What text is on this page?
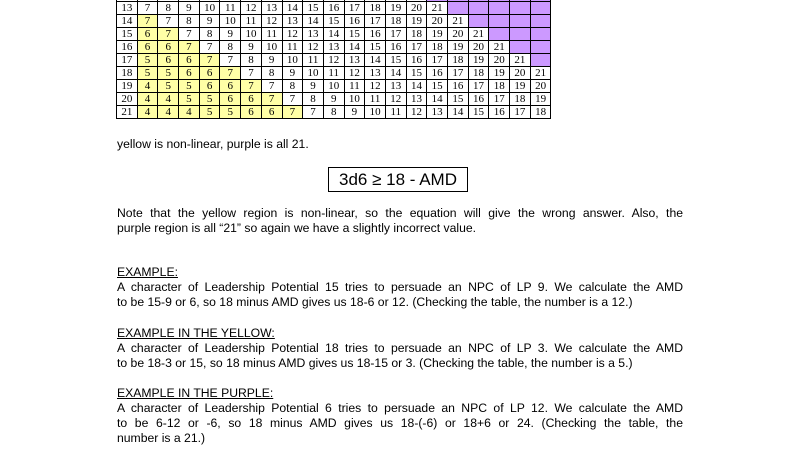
13	7	8	9	10	11	12	13	14	15	16	17	18	19	20	21					
14	7	7	8	9	10	11	12	13	14	15	16	17	18	19	20	21				
15	6	7	7	8	9	10	11	12	13	14	15	16	17	18	19	20	21			
16	6	6	7	7	8	9	10	11	12	13	14	15	16	17	18	19	20	21		
17	5	6	6	7	7	8	9	10	11	12	13	14	15	16	17	18	19	20	21	
18	5	5	6	6	7	7	8	9	10	11	12	13	14	15	16	17	18	19	20	21
19	4	5	5	6	6	7	7	8	9	10	11	12	13	14	15	16	17	18	19	20
20	4	4	5	5	6	6	7	7	8	9	10	11	12	13	14	15	16	17	18	19
21	4	4	4	5	5	6	6	7	7	8	9	10	11	12	13	14	15	16	17	18

yellow is non-linear, purple is all 21.

3d6 ≥ 18 - AMD

Note that the yellow region is non-linear, so the equation will give the wrong answer. Also, the

purple region is all “21” so again we have a slightly incorrect value.

EXAMPLE:

A character of Leadership Potential 15 tries to persuade an NPC of LP 9. We calculate the AMD

to be 15-9 or 6, so 18 minus AMD gives us 18-6 or 12. (Checking the table, the number is a 12.)

EXAMPLE IN THE YELLOW:

A character of Leadership Potential 18 tries to persuade an NPC of LP 3. We calculate the AMD

to be 18-3 or 15, so 18 minus AMD gives us 18-15 or 3. (Checking the table, the number is a 5.)

EXAMPLE IN THE PURPLE:

A character of Leadership Potential 6 tries to persuade an NPC of LP 12. We calculate the AMD

to be 6-12 or -6, so 18 minus AMD gives us 18-(-6) or 18+6 or 24. (Checking the table, the

number is a 21.)
